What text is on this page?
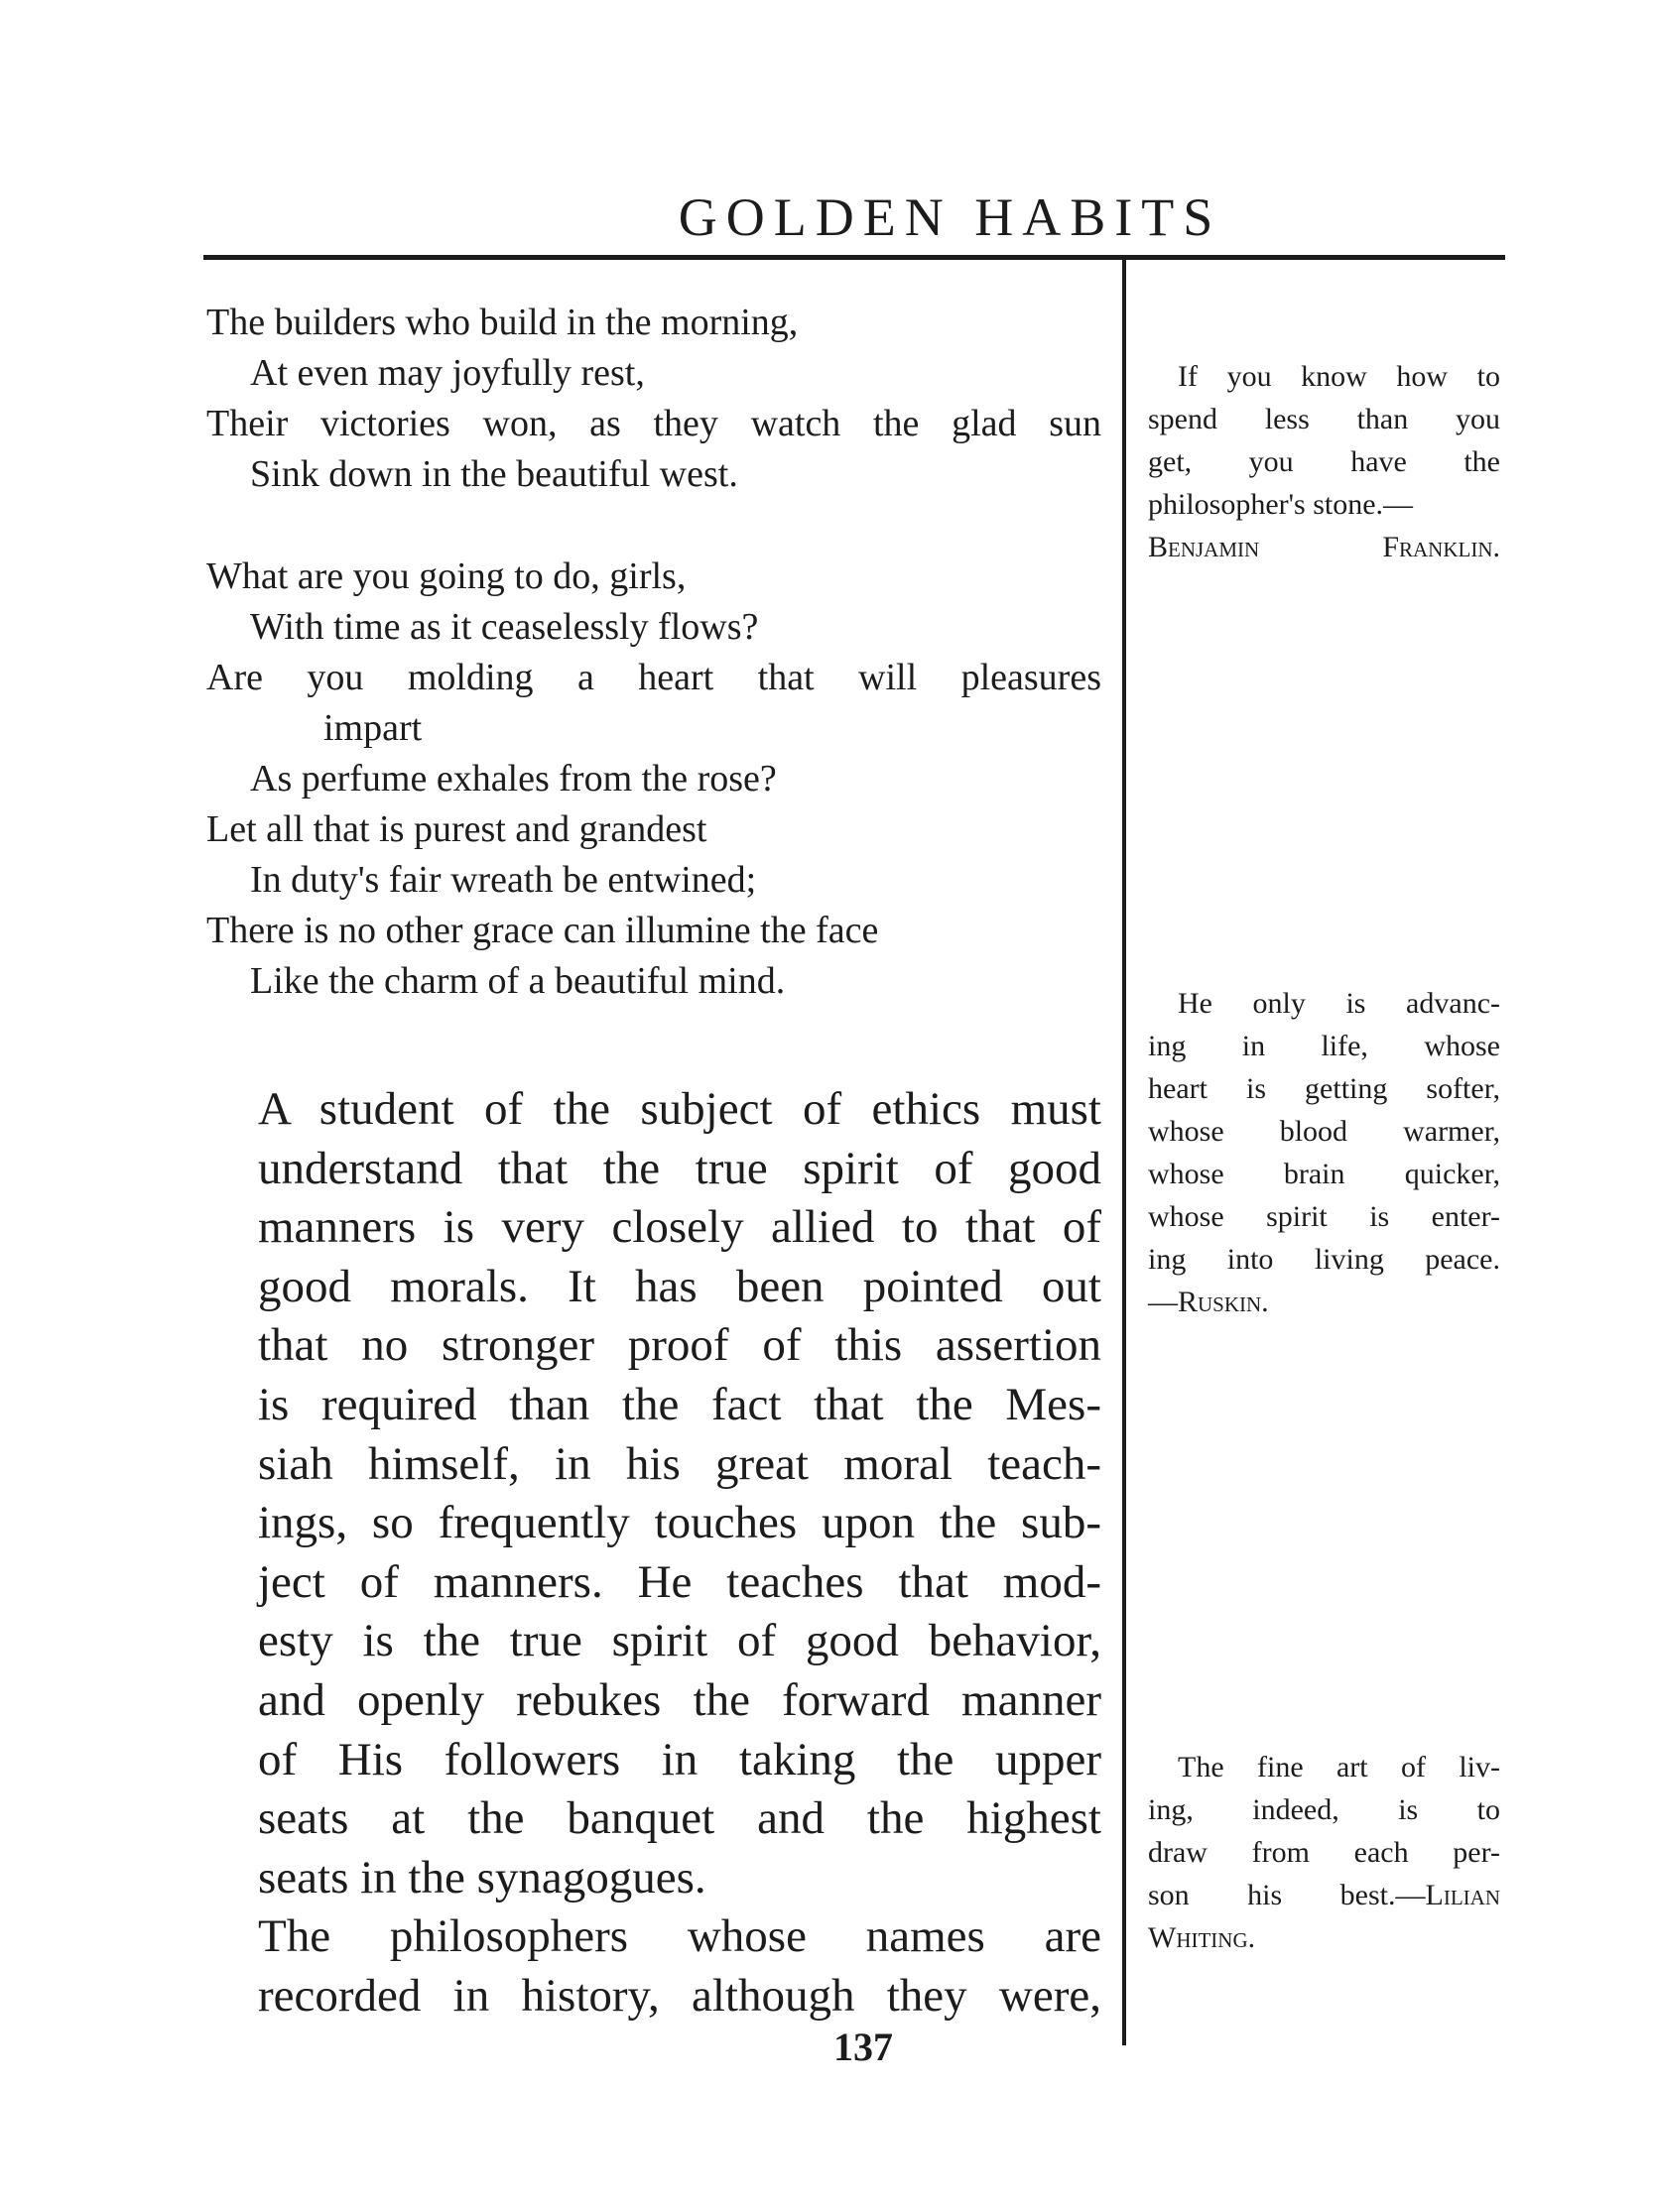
GOLDEN HABITS

The builders who build in the morning,
At even may joyfully rest,
Their victories won, as they watch the glad sun
Sink down in the beautiful west.

What are you going to do, girls,
With time as it ceaselessly flows?
Are you molding a heart that will pleasures
impart
As perfume exhales from the rose?
Let all that is purest and grandest
In duty's fair wreath be entwined;
There is no other grace can illumine the face
Like the charm of a beautiful mind.

A student of the subject of ethics must
understand that the true spirit of good
manners is very closely allied to that of
good morals. It has been pointed out
that no stronger proof of this assertion
is required than the fact that the Mes-
siah himself, in his great moral teach-
ings, so frequently touches upon the sub-
ject of manners. He teaches that mod-
esty is the true spirit of good behavior,
and openly rebukes the forward manner
of His followers in taking the upper
seats at the banquet and the highest
seats in the synagogues.

The philosophers whose names are
recorded in history, although they were,

If you know how to
spend less than you
get, you have the
philosopher's stone.—
Benjamin Franklin.
He only is advanc-
ing in life, whose
heart is getting softer,
whose blood warmer,
whose brain quicker,
whose spirit is enter-
ing into living peace.
—Ruskin.
The fine art of liv-
ing, indeed, is to
draw from each per-
son his best.—Lilian
Whiting.
137
